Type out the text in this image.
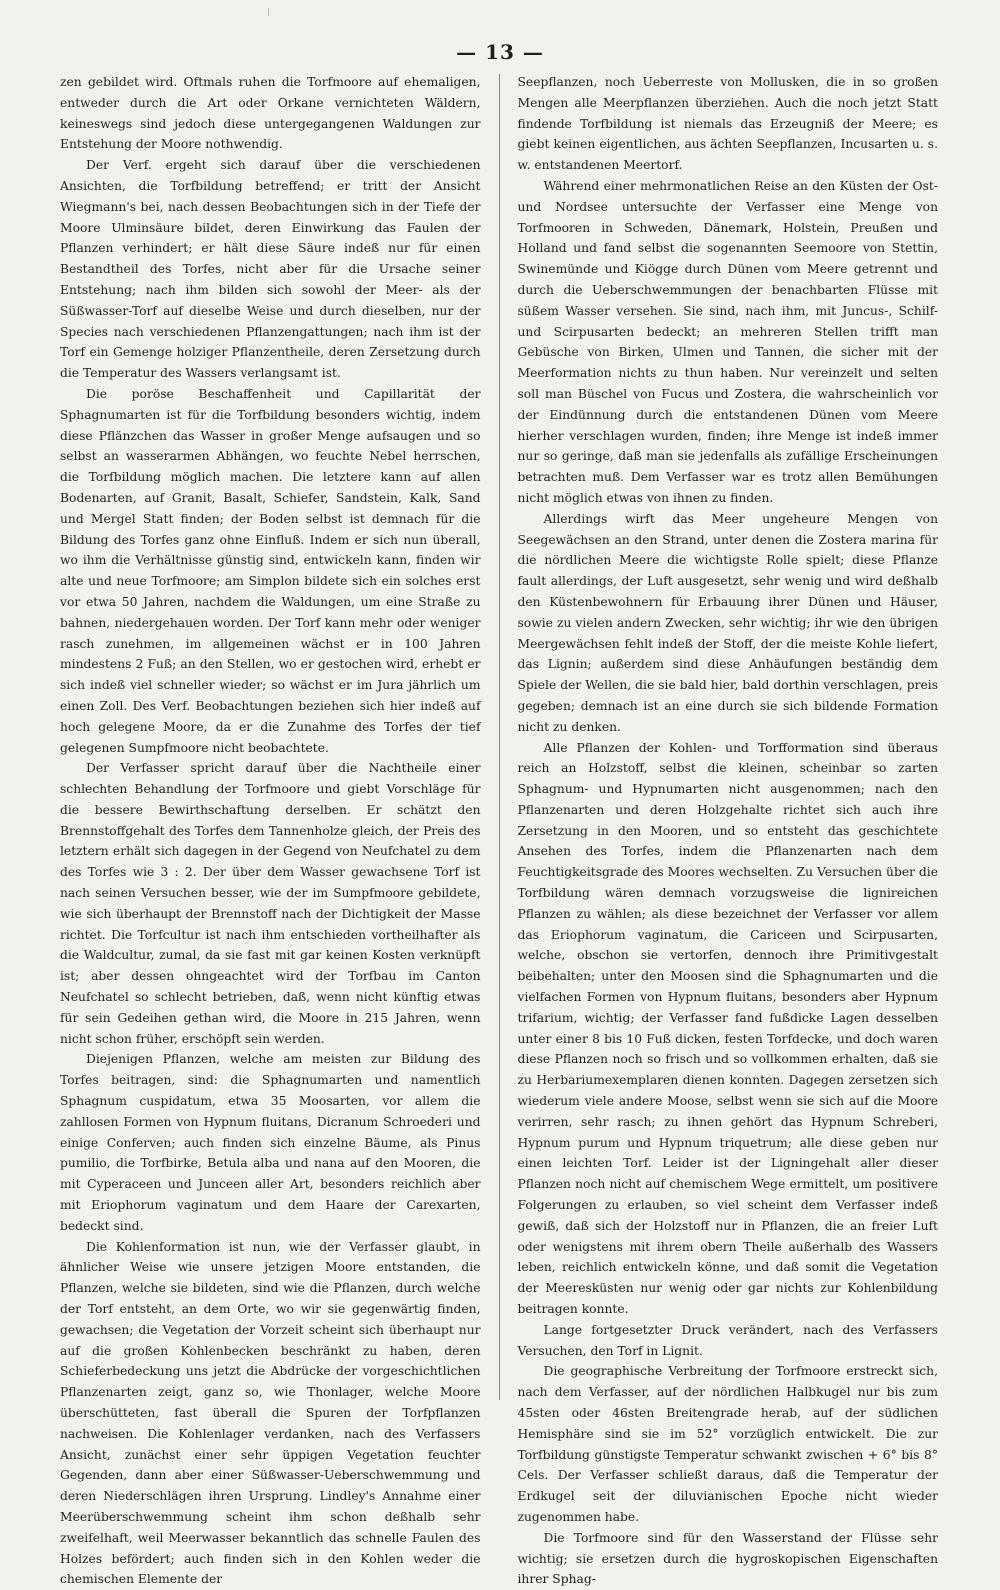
— 13 —

zen gebildet wird. Oftmals ruhen die Torfmoore auf ehemaligen, entweder durch die Art oder Orkane vernichteten Wäldern, keineswegs sind jedoch diese untergegangenen Waldungen zur Entstehung der Moore nothwendig.

Der Verf. ergeht sich darauf über die verschiedenen Ansichten, die Torfbildung betreffend; er tritt der Ansicht Wiegmann's bei, nach dessen Beobachtungen sich in der Tiefe der Moore Ulminsäure bildet, deren Einwirkung das Faulen der Pflanzen verhindert; er hält diese Säure indeß nur für einen Bestandtheil des Torfes, nicht aber für die Ursache seiner Entstehung; nach ihm bilden sich sowohl der Meer- als der Süßwasser-Torf auf dieselbe Weise und durch dieselben, nur der Species nach verschiedenen Pflanzengattungen; nach ihm ist der Torf ein Gemenge holziger Pflanzentheile, deren Zersetzung durch die Temperatur des Wassers verlangsamt ist.

Die poröse Beschaffenheit und Capillarität der Sphagnumarten ist für die Torfbildung besonders wichtig, indem diese Pflänzchen das Wasser in großer Menge aufsaugen und so selbst an wasserarmen Abhängen, wo feuchte Nebel herrschen, die Torfbildung möglich machen. Die letztere kann auf allen Bodenarten, auf Granit, Basalt, Schiefer, Sandstein, Kalk, Sand und Mergel Statt finden; der Boden selbst ist demnach für die Bildung des Torfes ganz ohne Einfluß. Indem er sich nun überall, wo ihm die Verhältnisse günstig sind, entwickeln kann, finden wir alte und neue Torfmoore; am Simplon bildete sich ein solches erst vor etwa 50 Jahren, nachdem die Waldungen, um eine Straße zu bahnen, niedergehauen worden. Der Torf kann mehr oder weniger rasch zunehmen, im allgemeinen wächst er in 100 Jahren mindestens 2 Fuß; an den Stellen, wo er gestochen wird, erhebt er sich indeß viel schneller wieder; so wächst er im Jura jährlich um einen Zoll. Des Verf. Beobachtungen beziehen sich hier indeß auf hoch gelegene Moore, da er die Zunahme des Torfes der tief gelegenen Sumpfmoore nicht beobachtete.

Der Verfasser spricht darauf über die Nachtheile einer schlechten Behandlung der Torfmoore und giebt Vorschläge für die bessere Bewirthschaftung derselben. Er schätzt den Brennstoffgehalt des Torfes dem Tannenholze gleich, der Preis des letztern erhält sich dagegen in der Gegend von Neufchatel zu dem des Torfes wie 3 : 2. Der über dem Wasser gewachsene Torf ist nach seinen Versuchen besser, wie der im Sumpfmoore gebildete, wie sich überhaupt der Brennstoff nach der Dichtigkeit der Masse richtet. Die Torfcultur ist nach ihm entschieden vortheilhafter als die Waldcultur, zumal, da sie fast mit gar keinen Kosten verknüpft ist; aber dessen ohngeachtet wird der Torfbau im Canton Neufchatel so schlecht betrieben, daß, wenn nicht künftig etwas für sein Gedeihen gethan wird, die Moore in 215 Jahren, wenn nicht schon früher, erschöpft sein werden.

Diejenigen Pflanzen, welche am meisten zur Bildung des Torfes beitragen, sind: die Sphagnumarten und namentlich Sphagnum cuspidatum, etwa 35 Moosarten, vor allem die zahllosen Formen von Hypnum fluitans, Dicranum Schroederi und einige Conferven; auch finden sich einzelne Bäume, als Pinus pumilio, die Torfbirke, Betula alba und nana auf den Mooren, die mit Cyperaceen und Junceen aller Art, besonders reichlich aber mit Eriophorum vaginatum und dem Haare der Carexarten, bedeckt sind.

Die Kohlenformation ist nun, wie der Verfasser glaubt, in ähnlicher Weise wie unsere jetzigen Moore entstanden, die Pflanzen, welche sie bildeten, sind wie die Pflanzen, durch welche der Torf entsteht, an dem Orte, wo wir sie gegenwärtig finden, gewachsen; die Vegetation der Vorzeit scheint sich überhaupt nur auf die großen Kohlenbecken beschränkt zu haben, deren Schieferbedeckung uns jetzt die Abdrücke der vorgeschichtlichen Pflanzenarten zeigt, ganz so, wie Thonlager, welche Moore überschütteten, fast überall die Spuren der Torfpflanzen nachweisen. Die Kohlenlager verdanken, nach des Verfassers Ansicht, zunächst einer sehr üppigen Vegetation feuchter Gegenden, dann aber einer Süßwasser-Ueberschwemmung und deren Niederschlägen ihren Ursprung. Lindley's Annahme einer Meerüberschwemmung scheint ihm schon deßhalb sehr zweifelhaft, weil Meerwasser bekanntlich das schnelle Faulen des Holzes befördert; auch finden sich in den Kohlen weder die chemischen Elemente der

Seepflanzen, noch Ueberreste von Mollusken, die in so großen Mengen alle Meerpflanzen überziehen. Auch die noch jetzt Statt findende Torfbildung ist niemals das Erzeugniß der Meere; es giebt keinen eigentlichen, aus ächten Seepflanzen, Incusarten u. s. w. entstandenen Meertorf.

Während einer mehrmonatlichen Reise an den Küsten der Ost- und Nordsee untersuchte der Verfasser eine Menge von Torfmooren in Schweden, Dänemark, Holstein, Preußen und Holland und fand selbst die sogenannten Seemoore von Stettin, Swinemünde und Kiögge durch Dünen vom Meere getrennt und durch die Ueberschwemmungen der benachbarten Flüsse mit süßem Wasser versehen. Sie sind, nach ihm, mit Juncus-, Schilf- und Scirpusarten bedeckt; an mehreren Stellen trifft man Gebüsche von Birken, Ulmen und Tannen, die sicher mit der Meerformation nichts zu thun haben. Nur vereinzelt und selten soll man Büschel von Fucus und Zostera, die wahrscheinlich vor der Eindünnung durch die entstandenen Dünen vom Meere hierher verschlagen wurden, finden; ihre Menge ist indeß immer nur so geringe, daß man sie jedenfalls als zufällige Erscheinungen betrachten muß. Dem Verfasser war es trotz allen Bemühungen nicht möglich etwas von ihnen zu finden.

Allerdings wirft das Meer ungeheure Mengen von Seegewächsen an den Strand, unter denen die Zostera marina für die nördlichen Meere die wichtigste Rolle spielt; diese Pflanze fault allerdings, der Luft ausgesetzt, sehr wenig und wird deßhalb den Küstenbewohnern für Erbauung ihrer Dünen und Häuser, sowie zu vielen andern Zwecken, sehr wichtig; ihr wie den übrigen Meergewächsen fehlt indeß der Stoff, der die meiste Kohle liefert, das Lignin; außerdem sind diese Anhäufungen beständig dem Spiele der Wellen, die sie bald hier, bald dorthin verschlagen, preis gegeben; demnach ist an eine durch sie sich bildende Formation nicht zu denken.

Alle Pflanzen der Kohlen- und Torfformation sind überaus reich an Holzstoff, selbst die kleinen, scheinbar so zarten Sphagnum- und Hypnumarten nicht ausgenommen; nach den Pflanzenarten und deren Holzgehalte richtet sich auch ihre Zersetzung in den Mooren, und so entsteht das geschichtete Ansehen des Torfes, indem die Pflanzenarten nach dem Feuchtigkeitsgrade des Moores wechselten. Zu Versuchen über die Torfbildung wären demnach vorzugsweise die lignireichen Pflanzen zu wählen; als diese bezeichnet der Verfasser vor allem das Eriophorum vaginatum, die Cariceen und Scirpusarten, welche, obschon sie vertorfen, dennoch ihre Primitivgestalt beibehalten; unter den Moosen sind die Sphagnumarten und die vielfachen Formen von Hypnum fluitans, besonders aber Hypnum trifarium, wichtig; der Verfasser fand fußdicke Lagen desselben unter einer 8 bis 10 Fuß dicken, festen Torfdecke, und doch waren diese Pflanzen noch so frisch und so vollkommen erhalten, daß sie zu Herbariumexemplaren dienen konnten. Dagegen zersetzen sich wiederum viele andere Moose, selbst wenn sie sich auf die Moore verirren, sehr rasch; zu ihnen gehört das Hypnum Schreberi, Hypnum purum und Hypnum triquetrum; alle diese geben nur einen leichten Torf. Leider ist der Ligningehalt aller dieser Pflanzen noch nicht auf chemischem Wege ermittelt, um positivere Folgerungen zu erlauben, so viel scheint dem Verfasser indeß gewiß, daß sich der Holzstoff nur in Pflanzen, die an freier Luft oder wenigstens mit ihrem obern Theile außerhalb des Wassers leben, reichlich entwickeln könne, und daß somit die Vegetation der Meeresküsten nur wenig oder gar nichts zur Kohlenbildung beitragen konnte.

Lange fortgesetzter Druck verändert, nach des Verfassers Versuchen, den Torf in Lignit.

Die geographische Verbreitung der Torfmoore erstreckt sich, nach dem Verfasser, auf der nördlichen Halbkugel nur bis zum 45sten oder 46sten Breitengrade herab, auf der südlichen Hemisphäre sind sie im 52° vorzüglich entwickelt. Die zur Torfbildung günstigste Temperatur schwankt zwischen + 6° bis 8° Cels. Der Verfasser schließt daraus, daß die Temperatur der Erdkugel seit der diluvianischen Epoche nicht wieder zugenommen habe.

Die Torfmoore sind für den Wasserstand der Flüsse sehr wichtig; sie ersetzen durch die hygroskopischen Eigenschaften ihrer Sphag-
